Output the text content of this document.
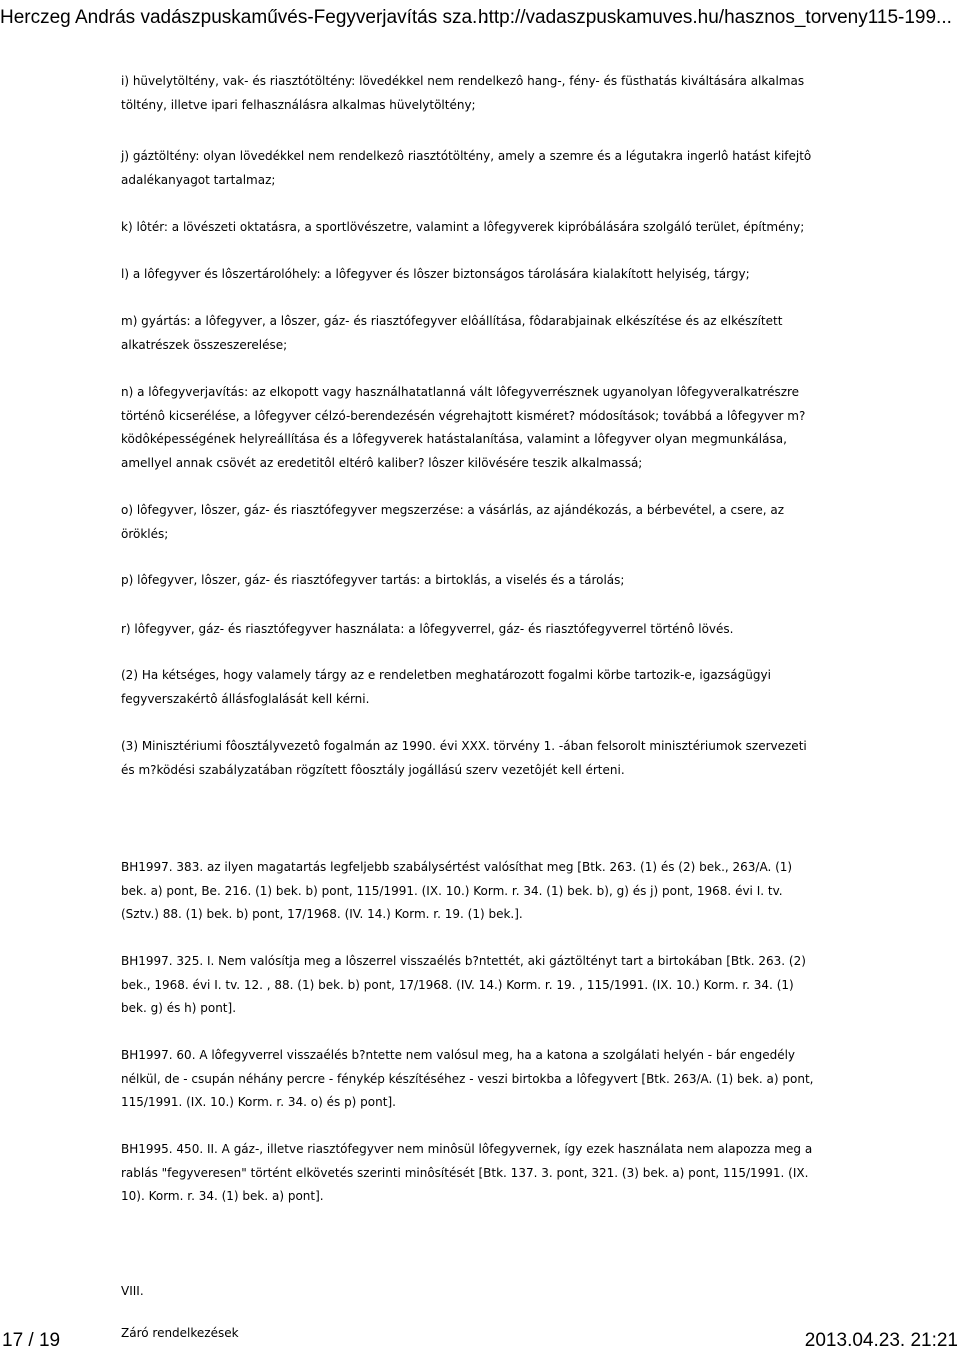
Herczeg András vadászpuskaművés-Fegyverjavítás sza...
http://vadaszpuskamuves.hu/hasznos_torveny115-199...

i) hüvelytöltény, vak- és riasztótöltény: lövedékkel nem rendelkezô hang-, fény- és füsthatás kiváltására alkalmas töltény, illetve ipari felhasználásra alkalmas hüvelytöltény;

j) gáztöltény: olyan lövedékkel nem rendelkezô riasztótöltény, amely a szemre és a légutakra ingerlô hatást kifejtô adalékanyagot tartalmaz;

k) lôtér: a lövészeti oktatásra, a sportlövészetre, valamint a lôfegyverek kipróbálására szolgáló terület, építmény;

l) a lôfegyver és lôszertárolóhely: a lôfegyver és lôszer biztonságos tárolására kialakított helyiség, tárgy;

m) gyártás: a lôfegyver, a lôszer, gáz- és riasztófegyver elôállítása, fôdarabjainak elkészítése és az elkészített alkatrészek összeszerelése;

n) a lôfegyverjavítás: az elkopott vagy használhatatlanná vált lôfegyverrésznek ugyanolyan lôfegyveralkatrészre történô kicserélése, a lôfegyver célzó-berendezésén végrehajtott kisméret? módosítások; továbbá a lôfegyver m?ködôképességének helyreállítása és a lôfegyverek hatástalanítása, valamint a lôfegyver olyan megmunkálása, amellyel annak csövét az eredetitôl eltérô kaliber? lôszer kilövésére teszik alkalmassá;

o) lôfegyver, lôszer, gáz- és riasztófegyver megszerzése: a vásárlás, az ajándékozás, a bérbevétel, a csere, az öröklés;

p) lôfegyver, lôszer, gáz- és riasztófegyver tartás: a birtoklás, a viselés és a tárolás;

r) lôfegyver, gáz- és riasztófegyver használata: a lôfegyverrel, gáz- és riasztófegyverrel történô lövés.

(2) Ha kétséges, hogy valamely tárgy az e rendeletben meghatározott fogalmi körbe tartozik-e, igazságügyi fegyverszakértô állásfoglalását kell kérni.

(3) Minisztériumi fôosztályvezetô fogalmán az 1990. évi XXX. törvény 1. -ában felsorolt minisztériumok szervezeti és m?ködési szabályzatában rögzített fôosztály jogállású szerv vezetôjét kell érteni.

BH1997. 383. az ilyen magatartás legfeljebb szabálysértést valósíthat meg [Btk. 263. (1) és (2) bek., 263/A. (1) bek. a) pont, Be. 216. (1) bek. b) pont, 115/1991. (IX. 10.) Korm. r. 34. (1) bek. b), g) és j) pont, 1968. évi I. tv. (Sztv.) 88. (1) bek. b) pont, 17/1968. (IV. 14.) Korm. r. 19. (1) bek.].

BH1997. 325. I. Nem valósítja meg a lôszerrel visszaélés b?ntettét, aki gáztöltényt tart a birtokában [Btk. 263. (2) bek., 1968. évi I. tv. 12. , 88. (1) bek. b) pont, 17/1968. (IV. 14.) Korm. r. 19. , 115/1991. (IX. 10.) Korm. r. 34. (1) bek. g) és h) pont].

BH1997. 60. A lôfegyverrel visszaélés b?ntette nem valósul meg, ha a katona a szolgálati helyén - bár engedély nélkül, de - csupán néhány percre - fénykép készítéséhez - veszi birtokba a lôfegyvert [Btk. 263/A. (1) bek. a) pont, 115/1991. (IX. 10.) Korm. r. 34. o) és p) pont].

BH1995. 450. II. A gáz-, illetve riasztófegyver nem minôsül lôfegyvernek, így ezek használata nem alapozza meg a rablás "fegyveresen" történt elkövetés szerinti minôsítését [Btk. 137. 3. pont, 321. (3) bek. a) pont, 115/1991. (IX. 10). Korm. r. 34. (1) bek. a) pont].

VIII.

17 / 19	Záró rendelkezések	2013.04.23. 21:21
